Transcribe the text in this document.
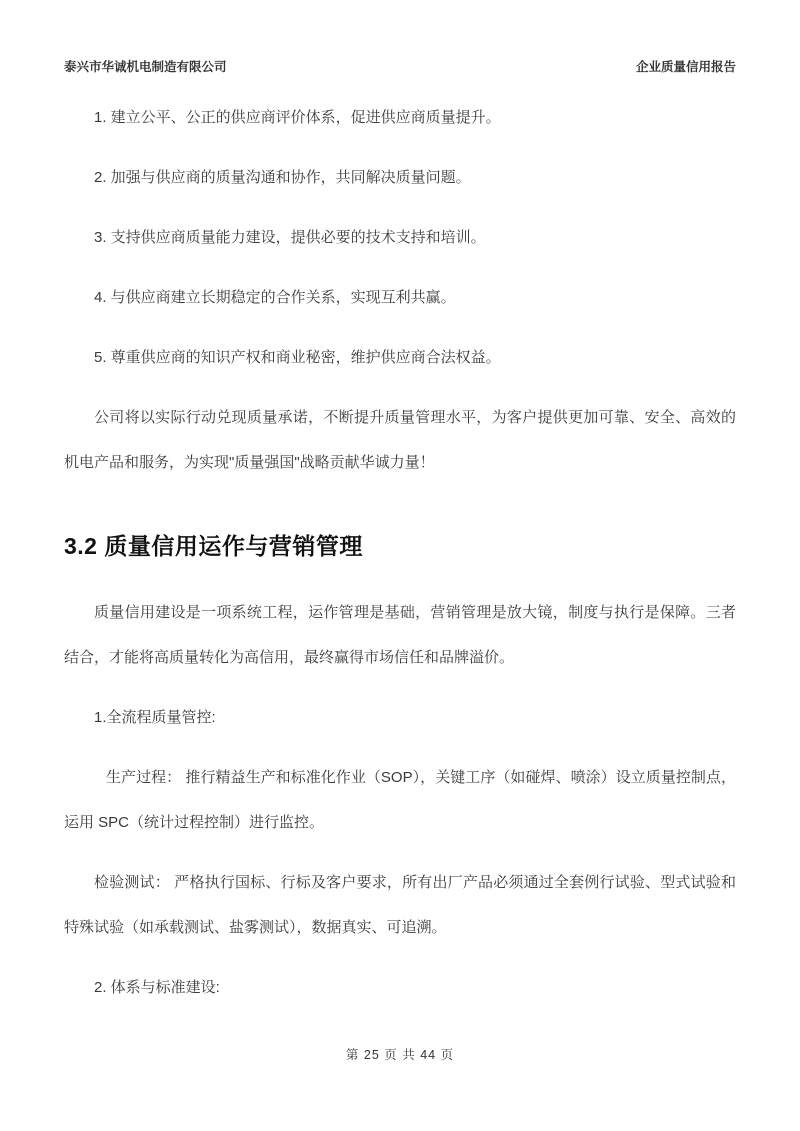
泰兴市华诚机电制造有限公司	企业质量信用报告

1. 建立公平、公正的供应商评价体系，促进供应商质量提升。

2. 加强与供应商的质量沟通和协作，共同解决质量问题。

3. 支持供应商质量能力建设，提供必要的技术支持和培训。

4. 与供应商建立长期稳定的合作关系，实现互利共赢。

5. 尊重供应商的知识产权和商业秘密，维护供应商合法权益。

公司将以实际行动兑现质量承诺，不断提升质量管理水平，为客户提供更加可靠、安全、高效的机电产品和服务，为实现"质量强国"战略贡献华诚力量！

3.2 质量信用运作与营销管理

质量信用建设是一项系统工程，运作管理是基础，营销管理是放大镜，制度与执行是保障。三者结合，才能将高质量转化为高信用，最终赢得市场信任和品牌溢价。

1.全流程质量管控:

生产过程： 推行精益生产和标准化作业（SOP），关键工序（如碰焊、喷涂）设立质量控制点，运用 SPC（统计过程控制）进行监控。

检验测试： 严格执行国标、行标及客户要求，所有出厂产品必须通过全套例行试验、型式试验和特殊试验（如承载测试、盐雾测试），数据真实、可追溯。

2. 体系与标准建设:

第 25 页 共 44 页
